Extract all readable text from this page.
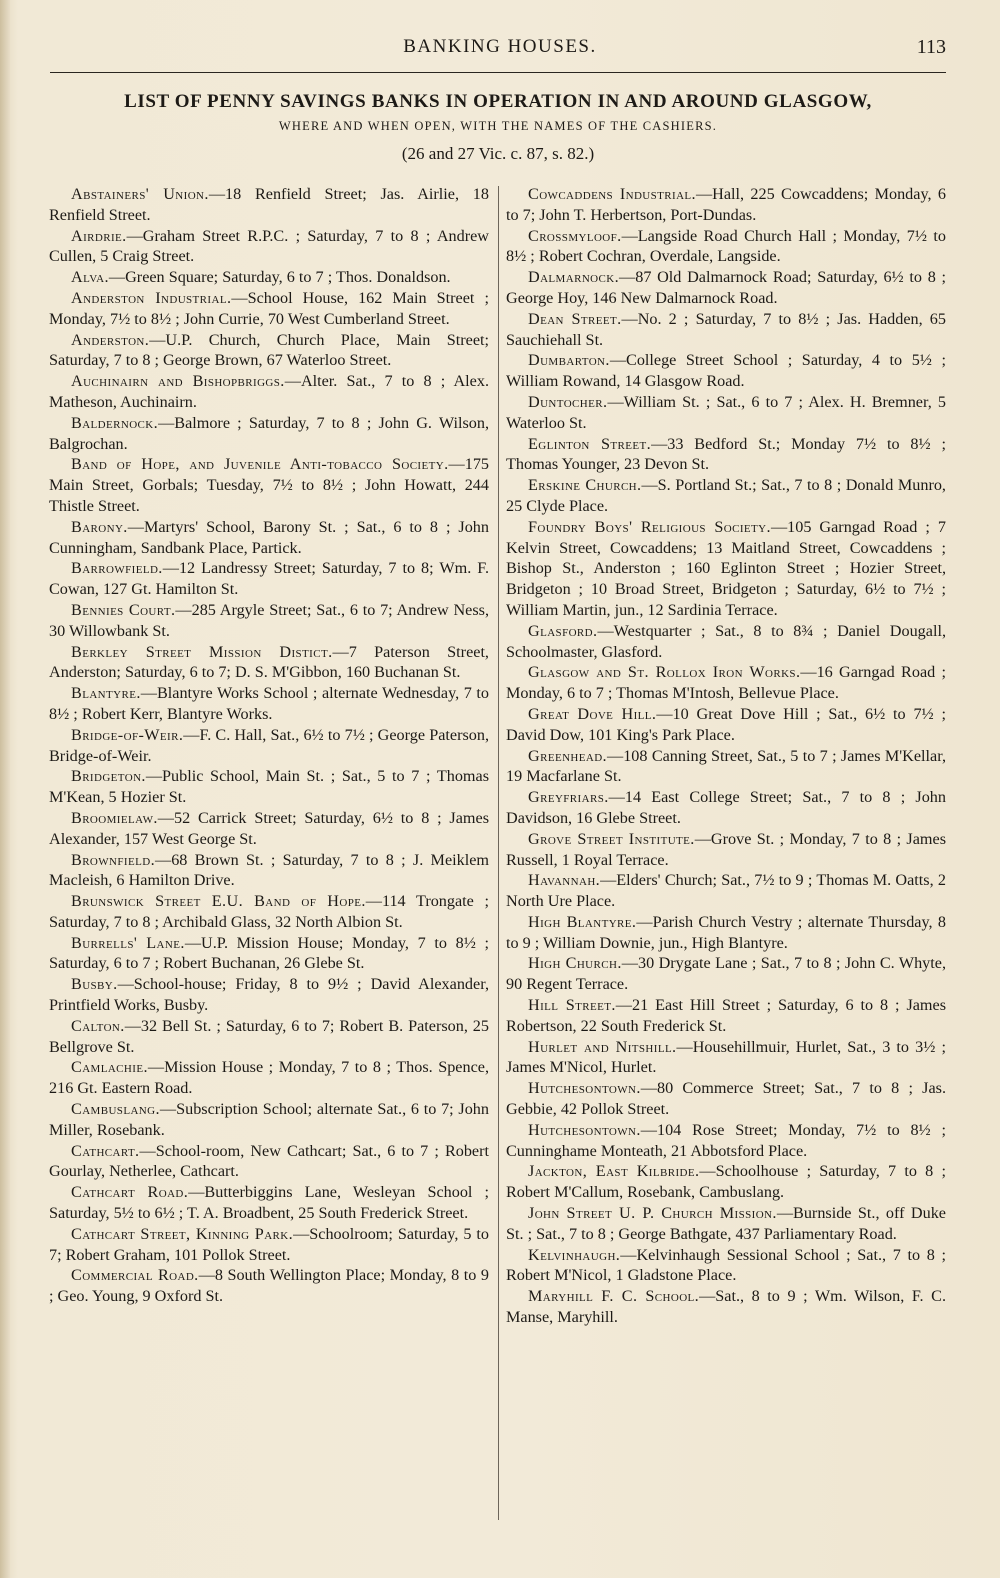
BANKING HOUSES.	113
LIST OF PENNY SAVINGS BANKS IN OPERATION IN AND AROUND GLASGOW,
WHERE AND WHEN OPEN, WITH THE NAMES OF THE CASHIERS.
(26 and 27 Vic. c. 87, s. 82.)

Abstainers' Union.—18 Renfield Street; Jas. Airlie, 18 Renfield Street.

Airdrie.—Graham Street R.P.C. ; Saturday, 7 to 8 ; Andrew Cullen, 5 Craig Street.

Alva.—Green Square; Saturday, 6 to 7 ; Thos. Donaldson.

Anderston Industrial.—School House, 162 Main Street ; Monday, 7½ to 8½ ; John Currie, 70 West Cumberland Street.

Anderston.—U.P. Church, Church Place, Main Street; Saturday, 7 to 8 ; George Brown, 67 Waterloo Street.

Auchinairn and Bishopbriggs.—Alter. Sat., 7 to 8 ; Alex. Matheson, Auchinairn.

Baldernock.—Balmore ; Saturday, 7 to 8 ; John G. Wilson, Balgrochan.

Band of Hope, and Juvenile Anti-tobacco Society.—175 Main Street, Gorbals; Tuesday, 7½ to 8½ ; John Howatt, 244 Thistle Street.

Barony.—Martyrs' School, Barony St. ; Sat., 6 to 8 ; John Cunningham, Sandbank Place, Partick.

Barrowfield.—12 Landressy Street; Saturday, 7 to 8; Wm. F. Cowan, 127 Gt. Hamilton St.

Bennies Court.—285 Argyle Street; Sat., 6 to 7; Andrew Ness, 30 Willowbank St.

Berkley Street Mission Distict.—7 Paterson Street, Anderston; Saturday, 6 to 7; D. S. M'Gibbon, 160 Buchanan St.

Blantyre.—Blantyre Works School ; alternate Wednesday, 7 to 8½ ; Robert Kerr, Blantyre Works.

Bridge-of-Weir.—F. C. Hall, Sat., 6½ to 7½ ; George Paterson, Bridge-of-Weir.

Bridgeton.—Public School, Main St. ; Sat., 5 to 7 ; Thomas M'Kean, 5 Hozier St.

Broomielaw.—52 Carrick Street; Saturday, 6½ to 8 ; James Alexander, 157 West George St.

Brownfield.—68 Brown St. ; Saturday, 7 to 8 ; J. Meiklem Macleish, 6 Hamilton Drive.

Brunswick Street E.U. Band of Hope.—114 Trongate ; Saturday, 7 to 8 ; Archibald Glass, 32 North Albion St.

Burrells' Lane.—U.P. Mission House; Monday, 7 to 8½ ; Saturday, 6 to 7 ; Robert Buchanan, 26 Glebe St.

Busby.—School-house; Friday, 8 to 9½ ; David Alexander, Printfield Works, Busby.

Calton.—32 Bell St. ; Saturday, 6 to 7; Robert B. Paterson, 25 Bellgrove St.

Camlachie.—Mission House ; Monday, 7 to 8 ; Thos. Spence, 216 Gt. Eastern Road.

Cambuslang.—Subscription School; alternate Sat., 6 to 7; John Miller, Rosebank.

Cathcart.—School-room, New Cathcart; Sat., 6 to 7 ; Robert Gourlay, Netherlee, Cathcart.

Cathcart Road.—Butterbiggins Lane, Wesleyan School ; Saturday, 5½ to 6½ ; T. A. Broadbent, 25 South Frederick Street.

Cathcart Street, Kinning Park.—Schoolroom; Saturday, 5 to 7; Robert Graham, 101 Pollok Street.

Commercial Road.—8 South Wellington Place; Monday, 8 to 9 ; Geo. Young, 9 Oxford St.

Cowcaddens Industrial.—Hall, 225 Cowcaddens; Monday, 6 to 7; John T. Herbertson, Port-Dundas.

Crossmyloof.—Langside Road Church Hall ; Monday, 7½ to 8½ ; Robert Cochran, Overdale, Langside.

Dalmarnock.—87 Old Dalmarnock Road; Saturday, 6½ to 8 ; George Hoy, 146 New Dalmarnock Road.

Dean Street.—No. 2 ; Saturday, 7 to 8½ ; Jas. Hadden, 65 Sauchiehall St.

Dumbarton.—College Street School ; Saturday, 4 to 5½ ; William Rowand, 14 Glasgow Road.

Duntocher.—William St. ; Sat., 6 to 7 ; Alex. H. Bremner, 5 Waterloo St.

Eglinton Street.—33 Bedford St.; Monday 7½ to 8½ ; Thomas Younger, 23 Devon St.

Erskine Church.—S. Portland St.; Sat., 7 to 8 ; Donald Munro, 25 Clyde Place.

Foundry Boys' Religious Society.—105 Garngad Road ; 7 Kelvin Street, Cowcaddens; 13 Maitland Street, Cowcaddens ; Bishop St., Anderston ; 160 Eglinton Street ; Hozier Street, Bridgeton ; 10 Broad Street, Bridgeton ; Saturday, 6½ to 7½ ; William Martin, jun., 12 Sardinia Terrace.

Glasford.—Westquarter ; Sat., 8 to 8¾ ; Daniel Dougall, Schoolmaster, Glasford.

Glasgow and St. Rollox Iron Works.—16 Garngad Road ; Monday, 6 to 7 ; Thomas M'Intosh, Bellevue Place.

Great Dove Hill.—10 Great Dove Hill ; Sat., 6½ to 7½ ; David Dow, 101 King's Park Place.

Greenhead.—108 Canning Street, Sat., 5 to 7 ; James M'Kellar, 19 Macfarlane St.

Greyfriars.—14 East College Street; Sat., 7 to 8 ; John Davidson, 16 Glebe Street.

Grove Street Institute.—Grove St. ; Monday, 7 to 8 ; James Russell, 1 Royal Terrace.

Havannah.—Elders' Church; Sat., 7½ to 9 ; Thomas M. Oatts, 2 North Ure Place.

High Blantyre.—Parish Church Vestry ; alternate Thursday, 8 to 9 ; William Downie, jun., High Blantyre.

High Church.—30 Drygate Lane ; Sat., 7 to 8 ; John C. Whyte, 90 Regent Terrace.

Hill Street.—21 East Hill Street ; Saturday, 6 to 8 ; James Robertson, 22 South Frederick St.

Hurlet and Nitshill.—Househillmuir, Hurlet, Sat., 3 to 3½ ; James M'Nicol, Hurlet.

Hutchesontown.—80 Commerce Street; Sat., 7 to 8 ; Jas. Gebbie, 42 Pollok Street.

Hutchesontown.—104 Rose Street; Monday, 7½ to 8½ ; Cunninghame Monteath, 21 Abbotsford Place.

Jackton, East Kilbride.—Schoolhouse ; Saturday, 7 to 8 ; Robert M'Callum, Rosebank, Cambuslang.

John Street U. P. Church Mission.—Burnside St., off Duke St. ; Sat., 7 to 8 ; George Bathgate, 437 Parliamentary Road.

Kelvinhaugh.—Kelvinhaugh Sessional School ; Sat., 7 to 8 ; Robert M'Nicol, 1 Gladstone Place.

Maryhill F. C. School.—Sat., 8 to 9 ; Wm. Wilson, F. C. Manse, Maryhill.
